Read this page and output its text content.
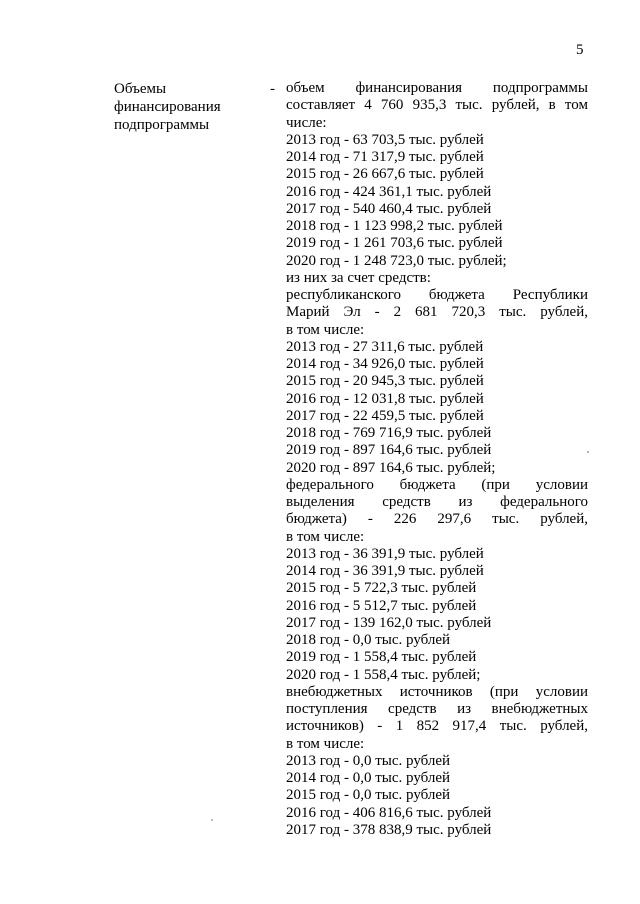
5
Объемы
финансирования
подпрограммы
- объем финансирования подпрограммы
составляет 4 760 935,3 тыс. рублей, в том
числе:
2013 год - 63 703,5 тыс. рублей
2014 год - 71 317,9 тыс. рублей
2015 год - 26 667,6 тыс. рублей
2016 год - 424 361,1 тыс. рублей
2017 год - 540 460,4 тыс. рублей
2018 год - 1 123 998,2 тыс. рублей
2019 год - 1 261 703,6 тыс. рублей
2020 год - 1 248 723,0 тыс. рублей;
из них за счет средств:
республиканского бюджета Республики
Марий Эл - 2 681 720,3 тыс. рублей,
в том числе:
2013 год - 27 311,6 тыс. рублей
2014 год - 34 926,0 тыс. рублей
2015 год - 20 945,3 тыс. рублей
2016 год - 12 031,8 тыс. рублей
2017 год - 22 459,5 тыс. рублей
2018 год - 769 716,9 тыс. рублей
2019 год - 897 164,6 тыс. рублей
2020 год - 897 164,6 тыс. рублей;
федерального бюджета (при условии
выделения средств из федерального
бюджета) - 226 297,6 тыс. рублей,
в том числе:
2013 год - 36 391,9 тыс. рублей
2014 год - 36 391,9 тыс. рублей
2015 год - 5 722,3 тыс. рублей
2016 год - 5 512,7 тыс. рублей
2017 год - 139 162,0 тыс. рублей
2018 год - 0,0 тыс. рублей
2019 год - 1 558,4 тыс. рублей
2020 год - 1 558,4 тыс. рублей;
внебюджетных источников (при условии
поступления средств из внебюджетных
источников) - 1 852 917,4 тыс. рублей,
в том числе:
2013 год - 0,0 тыс. рублей
2014 год - 0,0 тыс. рублей
2015 год - 0,0 тыс. рублей
2016 год - 406 816,6 тыс. рублей
2017 год - 378 838,9 тыс. рублей
